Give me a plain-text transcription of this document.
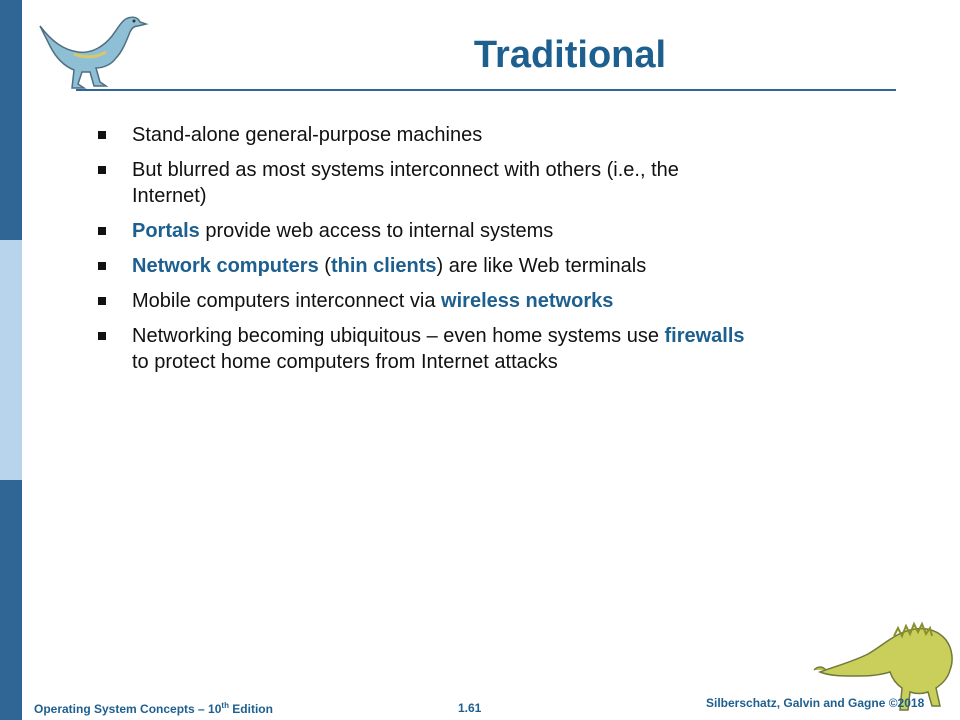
Traditional
Stand-alone general-purpose machines
But blurred as most systems interconnect with others (i.e., the Internet)
Portals provide web access to internal systems
Network computers (thin clients) are like Web terminals
Mobile computers interconnect via wireless networks
Networking becoming ubiquitous – even home systems use firewalls to protect home computers from Internet attacks
Operating System Concepts – 10th Edition	1.61	Silberschatz, Galvin and Gagne ©2018
